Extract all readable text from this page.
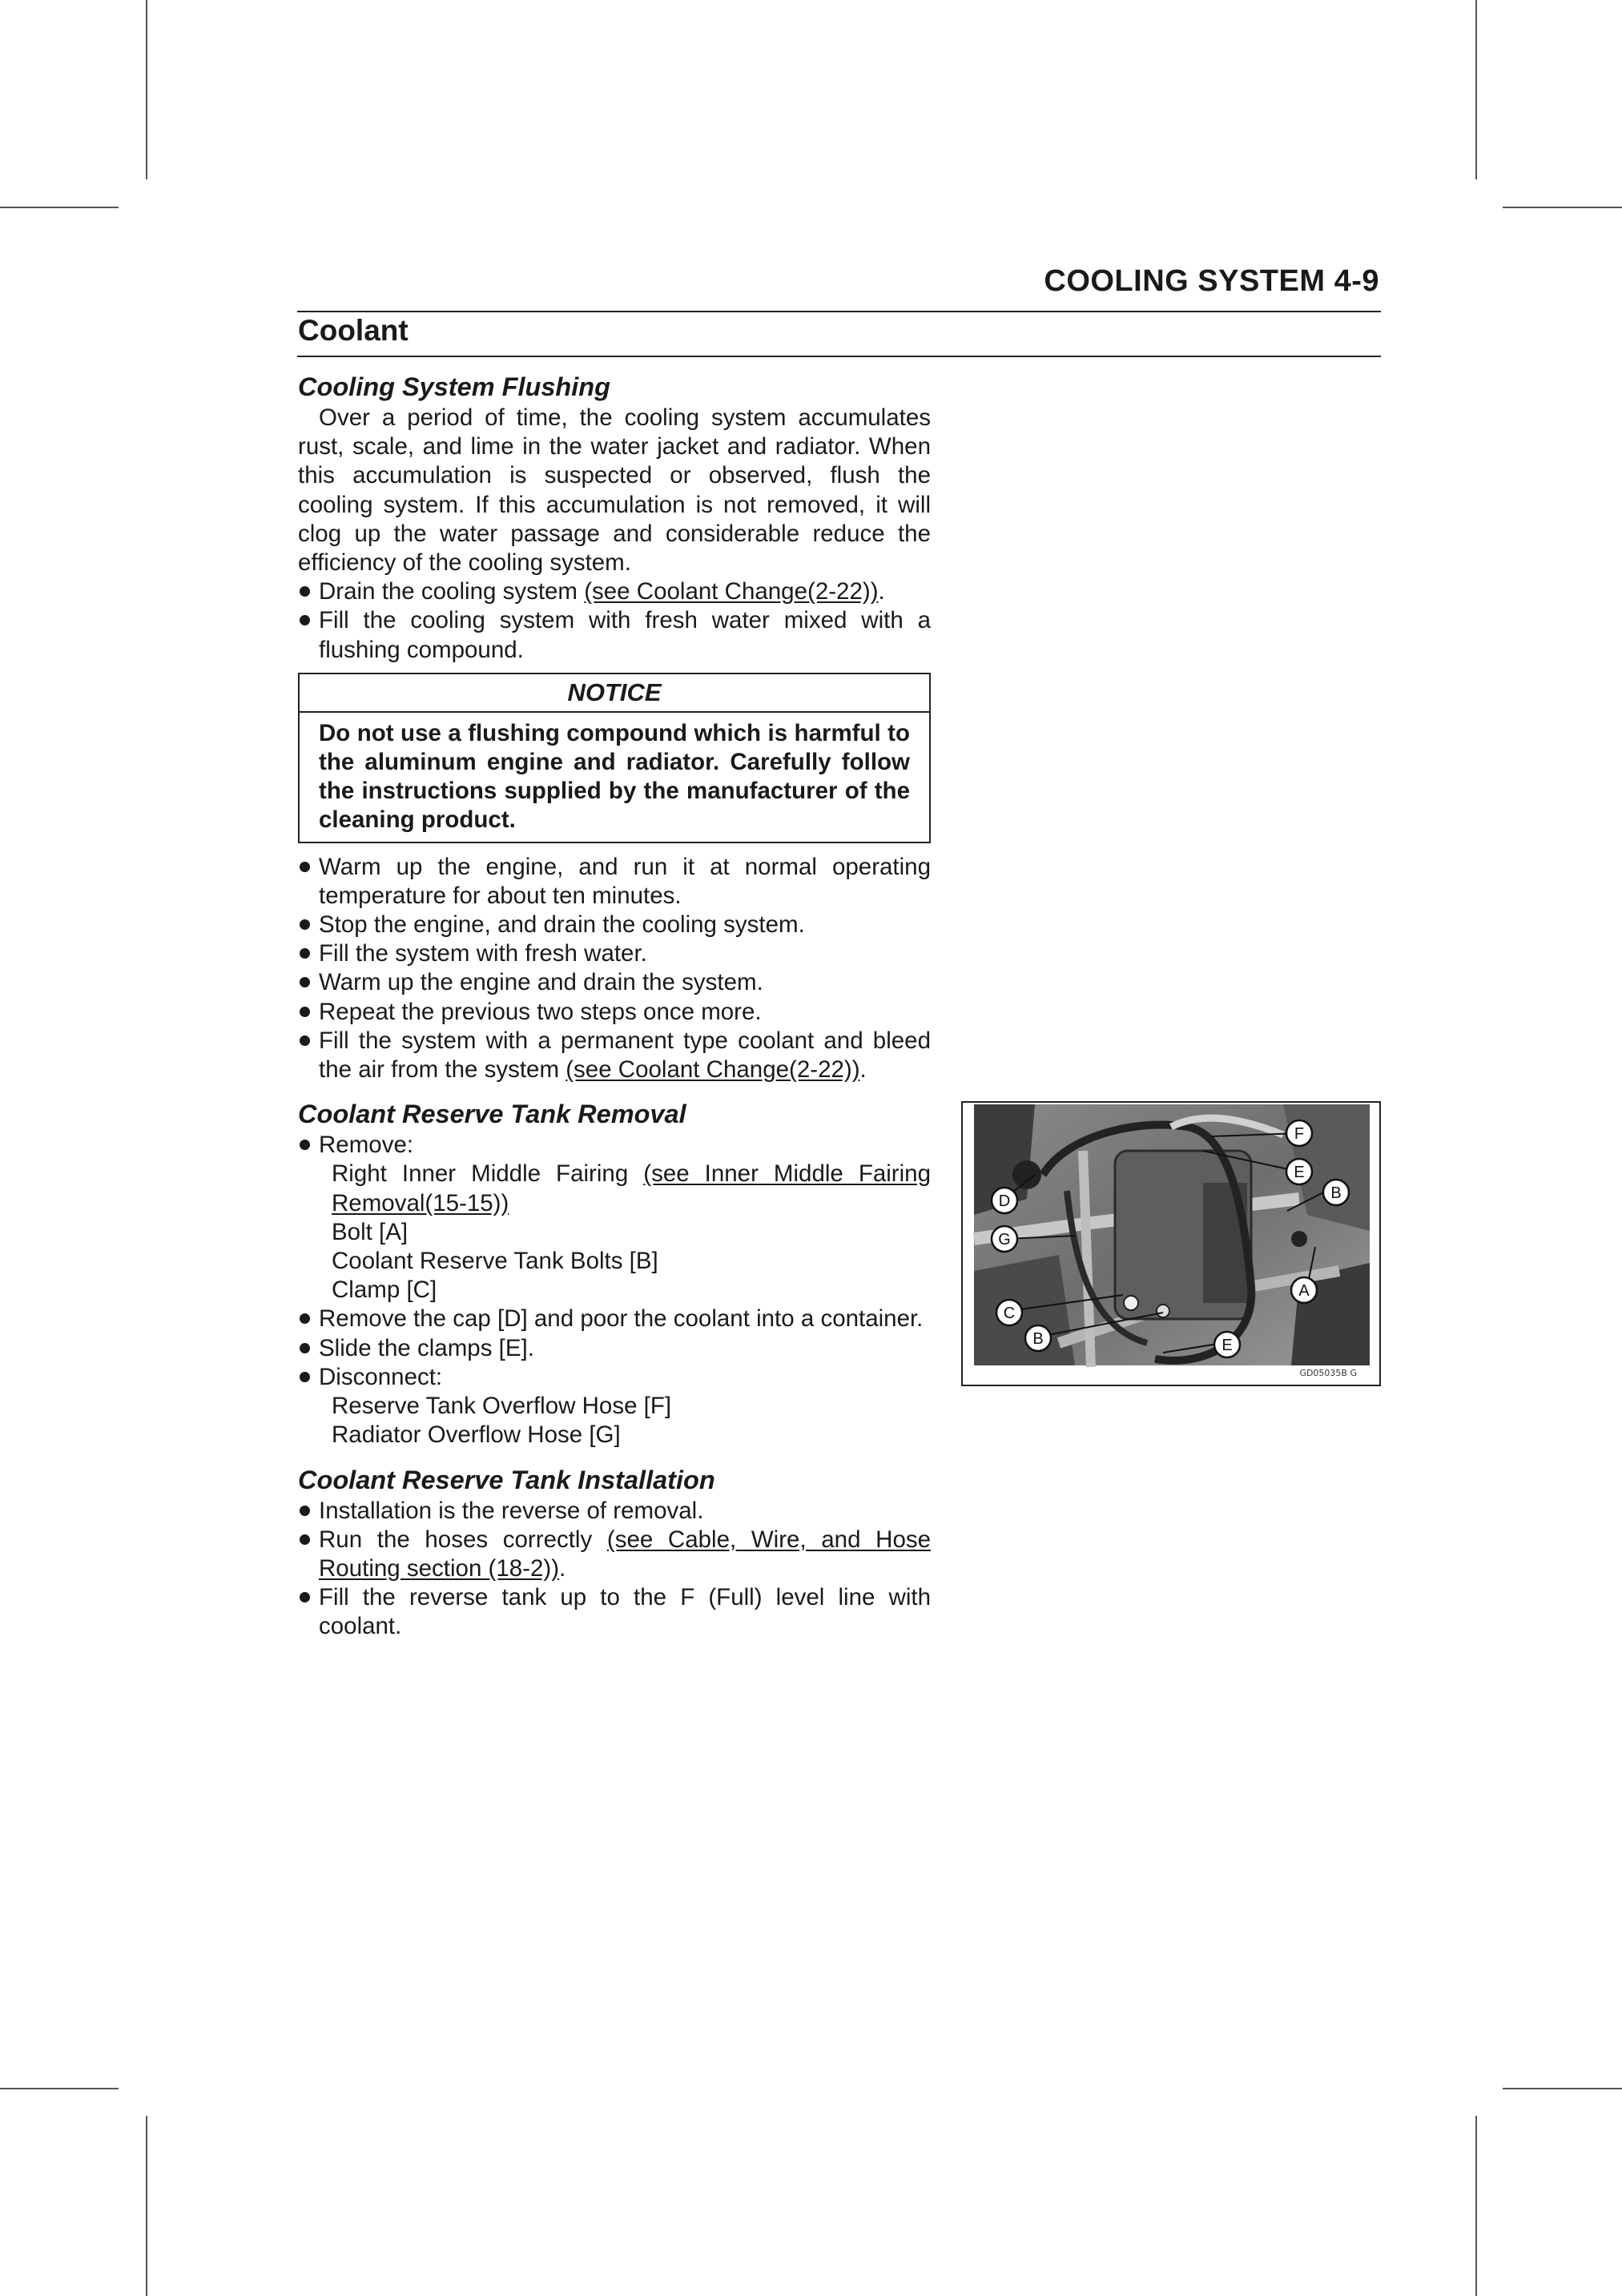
COOLING SYSTEM 4-9
Coolant
Cooling System Flushing

Over a period of time, the cooling system accumulates rust, scale, and lime in the water jacket and radiator. When this accumulation is suspected or observed, flush the cooling system. If this accumulation is not removed, it will clog up the water passage and considerable reduce the efficiency of the cooling system.

Drain the cooling system (see Coolant Change(2-22)).
Fill the cooling system with fresh water mixed with a flushing compound.
NOTICE
Do not use a flushing compound which is harmful to the aluminum engine and radiator. Carefully follow the instructions supplied by the manufacturer of the cleaning product.
Warm up the engine, and run it at normal operating temperature for about ten minutes.
Stop the engine, and drain the cooling system.
Fill the system with fresh water.
Warm up the engine and drain the system.
Repeat the previous two steps once more.
Fill the system with a permanent type coolant and bleed the air from the system (see Coolant Change(2-22)).
Coolant Reserve Tank Removal
Remove:
Right Inner Middle Fairing (see Inner Middle Fairing Removal(15-15))
Bolt [A]
Coolant Reserve Tank Bolts [B]
Clamp [C]
Remove the cap [D] and poor the coolant into a container.
Slide the clamps [E].
Disconnect:
Reserve Tank Overflow Hose [F]
Radiator Overflow Hose [G]
Coolant Reserve Tank Installation
Installation is the reverse of removal.
Run the hoses correctly (see Cable, Wire, and Hose Routing section (18-2)).
Fill the reverse tank up to the F (Full) level line with coolant.
F
E
B
D
G
A
C
B	E
GD05035B G
